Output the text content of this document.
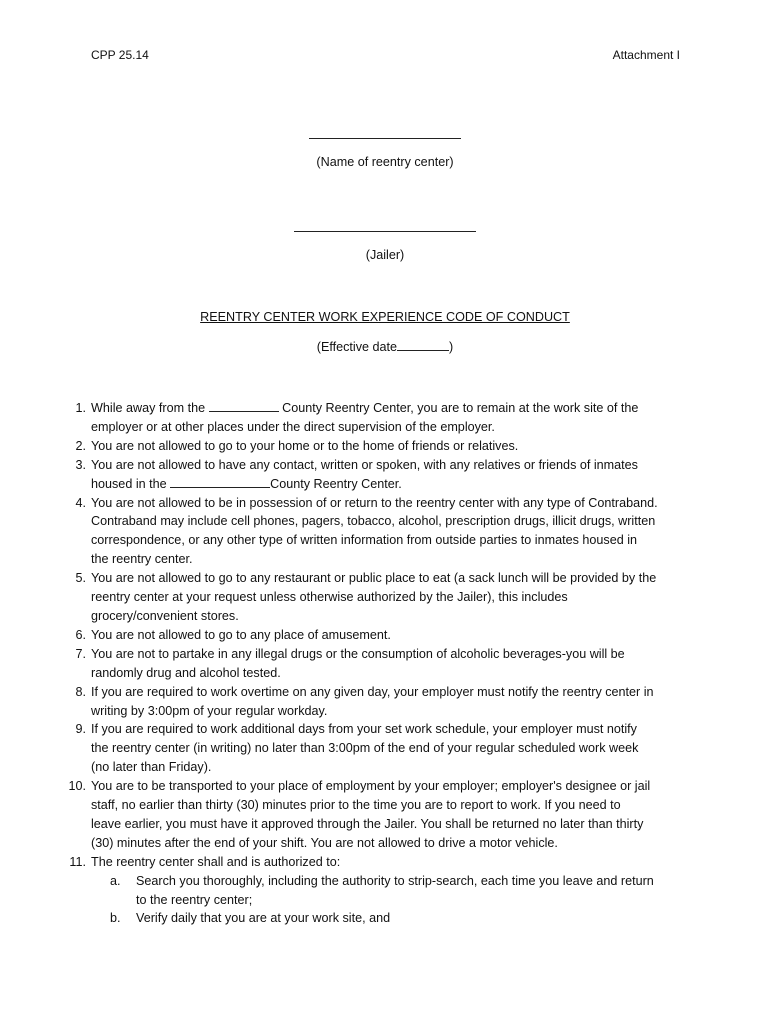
CPP 25.14	Attachment I
(Name of reentry center)
(Jailer)
REENTRY CENTER WORK EXPERIENCE CODE OF CONDUCT
(Effective date	)
1. While away from the	County Reentry Center, you are to remain at the work site of the
employer or at other places under the direct supervision of the employer.
2. You are not allowed to go to your home or to the home of friends or relatives.
3. You are not allowed to have any contact, written or spoken, with any relatives or friends of inmates
housed in the	County Reentry Center.
4. You are not allowed to be in possession of or return to the reentry center with any type of Contraband.
Contraband may include cell phones, pagers, tobacco, alcohol, prescription drugs, illicit drugs, written
correspondence, or any other type of written information from outside parties to inmates housed in
the reentry center.
5. You are not allowed to go to any restaurant or public place to eat (a sack lunch will be provided by the
reentry center at your request unless otherwise authorized by the Jailer), this includes
grocery/convenient stores.
6. You are not allowed to go to any place of amusement.
7. You are not to partake in any illegal drugs or the consumption of alcoholic beverages-you will be
randomly drug and alcohol tested.
8. If you are required to work overtime on any given day, your employer must notify the reentry center in
writing by 3:00pm of your regular workday.
9. If you are required to work additional days from your set work schedule, your employer must notify
the reentry center (in writing) no later than 3:00pm of the end of your regular scheduled work week
(no later than Friday).
10. You are to be transported to your place of employment by your employer; employer's designee or jail
staff, no earlier than thirty (30) minutes prior to the time you are to report to work. If you need to
leave earlier, you must have it approved through the Jailer. You shall be returned no later than thirty
(30) minutes after the end of your shift. You are not allowed to drive a motor vehicle.
11. The reentry center shall and is authorized to:
a.	Search you thoroughly, including the authority to strip-search, each time you leave and return
to the reentry center;
b.	Verify daily that you are at your work site, and
